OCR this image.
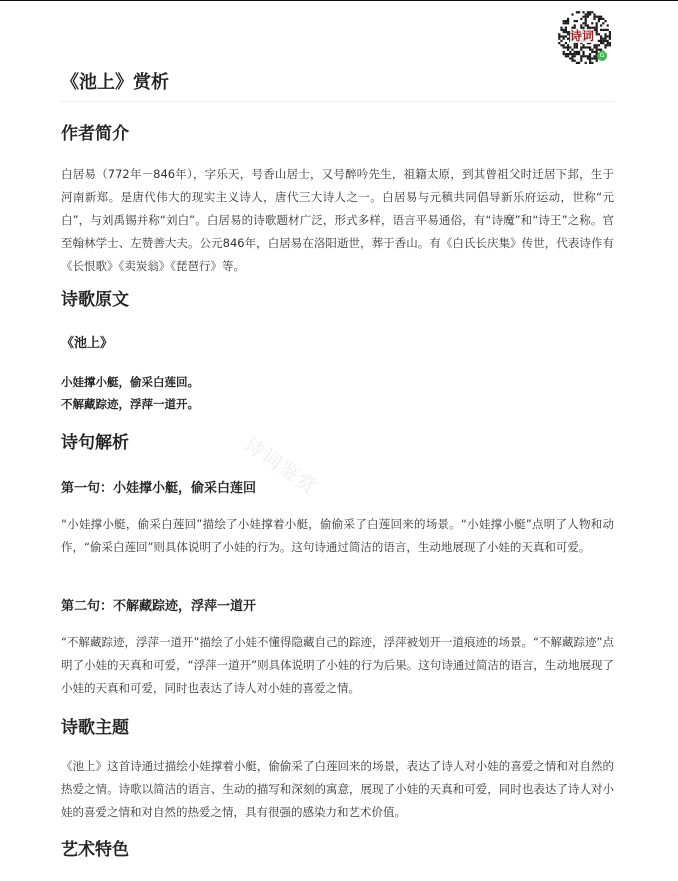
诗词
G
诗词鉴赏
《池上》赏析
作者简介

白居易（772年－846年），字乐天，号香山居士，又号醉吟先生，祖籍太原，到其曾祖父时迁居下邽，生于河南新郑。是唐代伟大的现实主义诗人，唐代三大诗人之一。白居易与元稹共同倡导新乐府运动，世称“元白”，与刘禹锡并称“刘白”。白居易的诗歌题材广泛，形式多样，语言平易通俗，有“诗魔”和“诗王”之称。官至翰林学士、左赞善大夫。公元846年，白居易在洛阳逝世，葬于香山。有《白氏长庆集》传世，代表诗作有《长恨歌》《卖炭翁》《琵琶行》等。

诗歌原文
《池上》
小娃撑小艇，偷采白莲回。
不解藏踪迹，浮萍一道开。
诗句解析
第一句：小娃撑小艇，偷采白莲回

“小娃撑小艇，偷采白莲回”描绘了小娃撑着小艇，偷偷采了白莲回来的场景。“小娃撑小艇”点明了人物和动作，“偷采白莲回”则具体说明了小娃的行为。这句诗通过简洁的语言，生动地展现了小娃的天真和可爱。

第二句：不解藏踪迹，浮萍一道开

“不解藏踪迹，浮萍一道开”描绘了小娃不懂得隐藏自己的踪迹，浮萍被划开一道痕迹的场景。“不解藏踪迹”点明了小娃的天真和可爱，“浮萍一道开”则具体说明了小娃的行为后果。这句诗通过简洁的语言，生动地展现了小娃的天真和可爱，同时也表达了诗人对小娃的喜爱之情。

诗歌主题

《池上》这首诗通过描绘小娃撑着小艇，偷偷采了白莲回来的场景，表达了诗人对小娃的喜爱之情和对自然的热爱之情。诗歌以简洁的语言、生动的描写和深刻的寓意，展现了小娃的天真和可爱，同时也表达了诗人对小娃的喜爱之情和对自然的热爱之情，具有很强的感染力和艺术价值。

艺术特色
